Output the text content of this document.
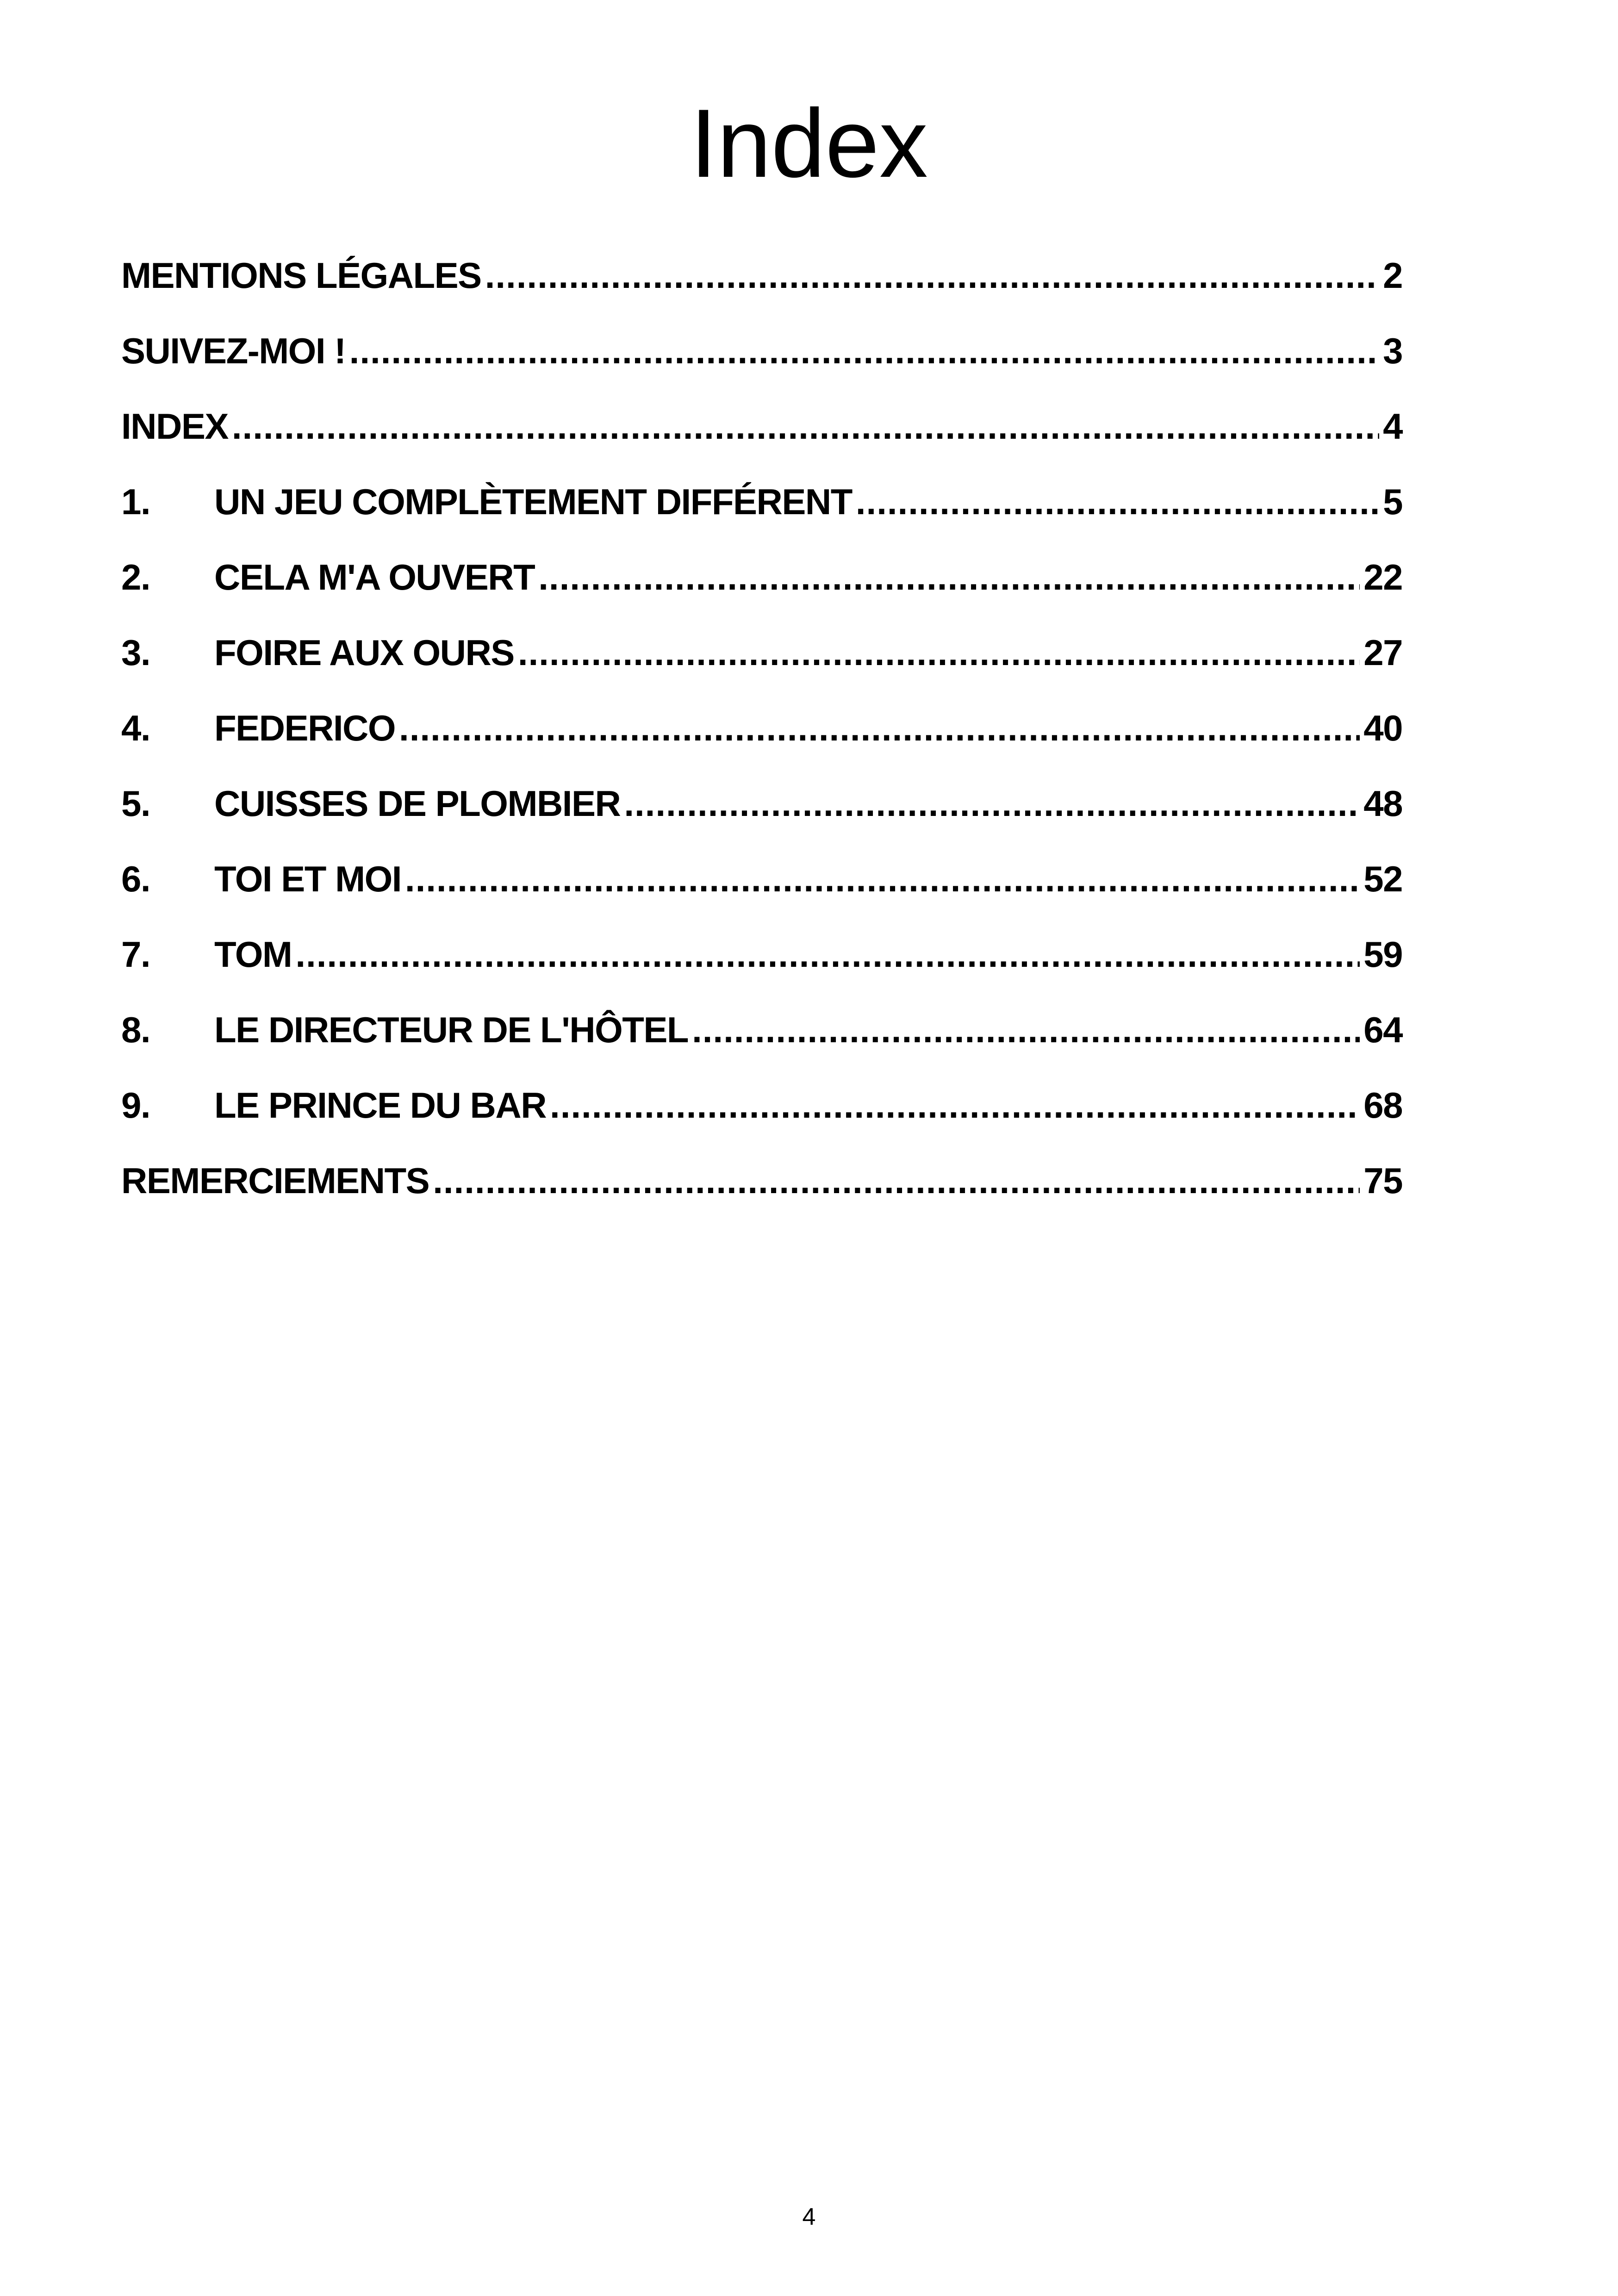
Index
MENTIONS LÉGALES .....	2
SUIVEZ-MOI ! .....	3
INDEX .....	4
1.	UN JEU COMPLÈTEMENT DIFFÉRENT .....	5
2.	CELA M'A OUVERT .....	22
3.	FOIRE AUX OURS .....	27
4.	FEDERICO .....	40
5.	CUISSES DE PLOMBIER .....	48
6.	TOI ET MOI .....	52
7.	TOM .....	59
8.	LE DIRECTEUR DE L'HÔTEL .....	64
9.	LE PRINCE DU BAR .....	68
REMERCIEMENTS .....	75
4
